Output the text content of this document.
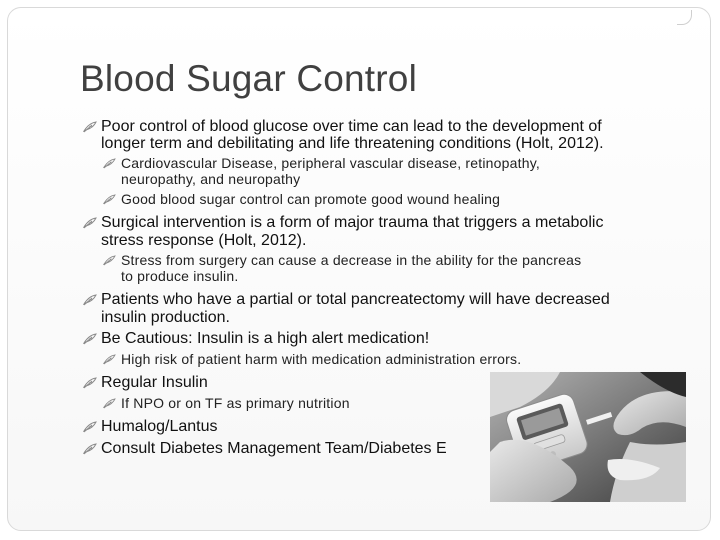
Blood Sugar Control
Poor control of blood glucose over time can lead to the development of
longer term and debilitating and life threatening conditions (Holt, 2012).
Cardiovascular Disease, peripheral vascular disease, retinopathy,
neuropathy, and neuropathy
Good blood sugar control can promote good wound healing
Surgical intervention is a form of major trauma that triggers a metabolic
stress response (Holt, 2012).
Stress from surgery can cause a decrease in the ability for the pancreas
to produce insulin.
Patients who have a partial or total pancreatectomy will have decreased
insulin production.
Be Cautious: Insulin is a high alert medication!
High risk of patient harm with medication administration errors.
Regular Insulin
If NPO or on TF as primary nutrition
Humalog/Lantus
Consult Diabetes Management Team/Diabetes E
